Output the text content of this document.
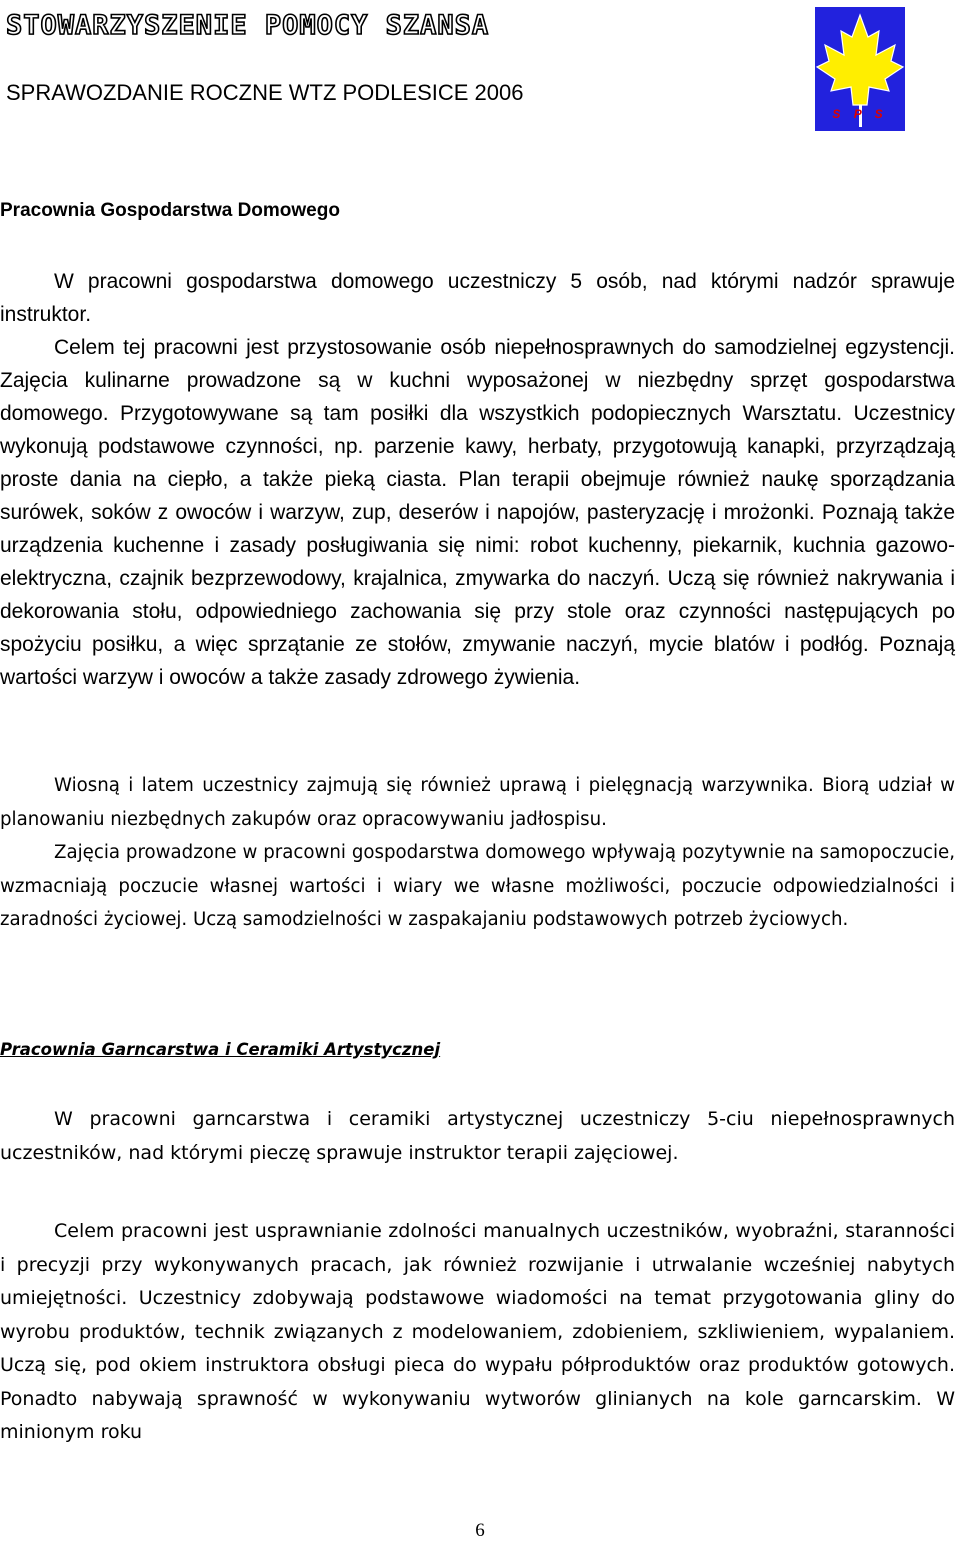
STOWARZYSZENIE POMOCY SZANSA
SPRAWOZDANIE ROCZNE WTZ PODLESICE 2006
S P S
Pracownia Gospodarstwa Domowego

W pracowni gospodarstwa domowego uczestniczy 5 osób, nad którymi nadzór sprawuje instruktor.

Celem tej pracowni jest przystosowanie osób niepełnosprawnych do samodzielnej egzystencji. Zajęcia kulinarne prowadzone są w kuchni wyposażonej w niezbędny sprzęt gospodarstwa domowego. Przygotowywane są tam posiłki dla wszystkich podopiecznych Warsztatu. Uczestnicy wykonują podstawowe czynności, np. parzenie kawy, herbaty, przygotowują kanapki, przyrządzają proste dania na ciepło, a także pieką ciasta. Plan terapii obejmuje również naukę sporządzania surówek, soków z owoców i warzyw, zup, deserów i napojów, pasteryzację i mrożonki. Poznają także urządzenia kuchenne i zasady posługiwania się nimi: robot kuchenny, piekarnik, kuchnia gazowo-elektryczna, czajnik bezprzewodowy, krajalnica, zmywarka do naczyń. Uczą się również nakrywania i dekorowania stołu, odpowiedniego zachowania się przy stole oraz czynności następujących po spożyciu posiłku, a więc sprzątanie ze stołów, zmywanie naczyń, mycie blatów i podłóg. Poznają wartości warzyw i owoców a także zasady zdrowego żywienia.

Wiosną i latem uczestnicy zajmują się również uprawą i pielęgnacją warzywnika. Biorą udział w planowaniu niezbędnych zakupów oraz opracowywaniu jadłospisu.

Zajęcia prowadzone w pracowni gospodarstwa domowego wpływają pozytywnie na samopoczucie, wzmacniają poczucie własnej wartości i wiary we własne możliwości, poczucie odpowiedzialności i zaradności życiowej. Uczą samodzielności w zaspakajaniu podstawowych potrzeb życiowych.

Pracownia Garncarstwa i Ceramiki Artystycznej

W pracowni garncarstwa i ceramiki artystycznej uczestniczy 5-ciu niepełnosprawnych uczestników, nad którymi pieczę sprawuje instruktor terapii zajęciowej.

Celem pracowni jest usprawnianie zdolności manualnych uczestników, wyobraźni, staranności i precyzji przy wykonywanych pracach, jak również rozwijanie i utrwalanie wcześniej nabytych umiejętności. Uczestnicy zdobywają podstawowe wiadomości na temat przygotowania gliny do wyrobu produktów, technik związanych z modelowaniem, zdobieniem, szkliwieniem, wypalaniem. Uczą się, pod okiem instruktora obsługi pieca do wypału półproduktów oraz produktów gotowych. Ponadto nabywają sprawność w wykonywaniu wytworów glinianych na kole garncarskim. W minionym roku

6
